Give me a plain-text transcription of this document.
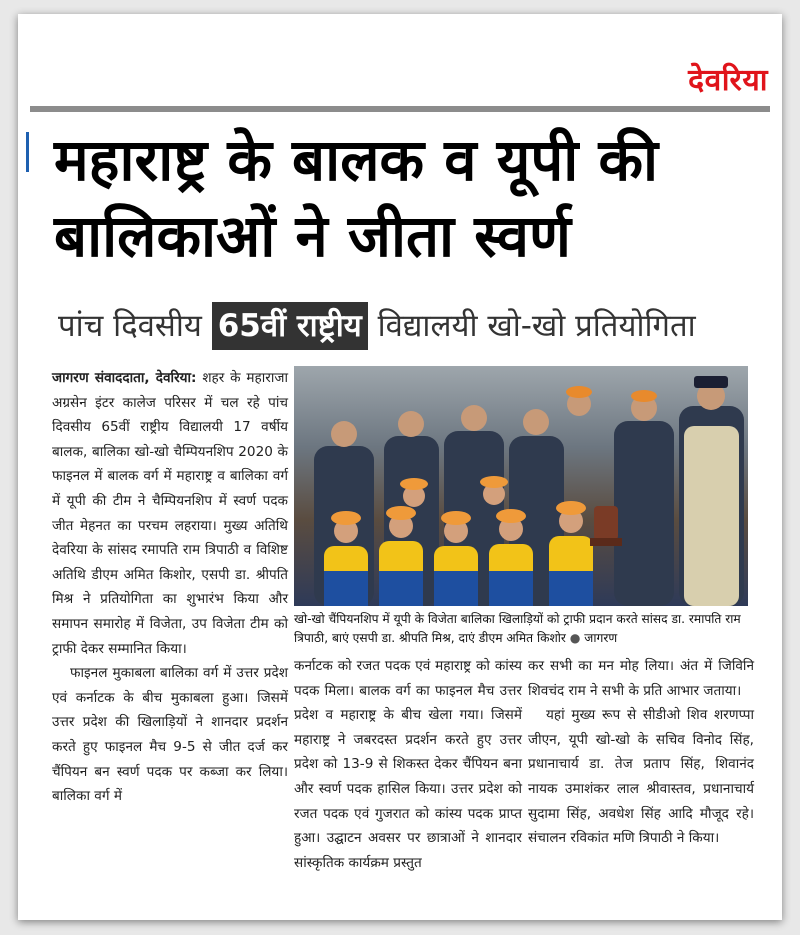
देवरिया
महाराष्ट्र के बालक व यूपी की बालिकाओं ने जीता स्वर्ण
पांच दिवसीय 65वीं राष्ट्रीय विद्यालयी खो-खो प्रतियोगिता

जागरण संवाददाता, देवरिया: शहर के महाराजा अग्रसेन इंटर कालेज परिसर में चल रहे पांच दिवसीय 65वीं राष्ट्रीय विद्यालयी 17 वर्षीय बालक, बालिका खो-खो चैम्पियनशिप 2020 के फाइनल में बालक वर्ग में महाराष्ट्र व बालिका वर्ग में यूपी की टीम ने चैम्पियनशिप में स्वर्ण पदक जीत मेहनत का परचम लहराया। मुख्य अतिथि देवरिया के सांसद रमापति राम त्रिपाठी व विशिष्ट अतिथि डीएम अमित किशोर, एसपी डा. श्रीपति मिश्र ने प्रतियोगिता का शुभारंभ किया और समापन समारोह में विजेता, उप विजेता टीम को ट्राफी देकर सम्मानित किया।

फाइनल मुकाबला बालिका वर्ग में उत्तर प्रदेश एवं कर्नाटक के बीच मुकाबला हुआ। जिसमें उत्तर प्रदेश की खिलाड़ियों ने शानदार प्रदर्शन करते हुए फाइनल मैच 9-5 से जीत दर्ज कर चैंपियन बन स्वर्ण पदक पर कब्जा कर लिया। बालिका वर्ग में

खो-खो चैंपियनशिप में यूपी के विजेता बालिका खिलाड़ियों को ट्राफी प्रदान करते सांसद डा. रमापति राम त्रिपाठी, बाएं एसपी डा. श्रीपति मिश्र, दाएं डीएम अमित किशोर ● जागरण

कर्नाटक को रजत पदक एवं महाराष्ट्र को कांस्य पदक मिला। बालक वर्ग का फाइनल मैच उत्तर प्रदेश व महाराष्ट्र के बीच खेला गया। जिसमें महाराष्ट्र ने जबरदस्त प्रदर्शन करते हुए उत्तर प्रदेश को 13-9 से शिकस्त देकर चैंपियन बना और स्वर्ण पदक हासिल किया। उत्तर प्रदेश को रजत पदक एवं गुजरात को कांस्य पदक प्राप्त हुआ। उद्घाटन अवसर पर छात्राओं ने शानदार सांस्कृतिक कार्यक्रम प्रस्तुत

कर सभी का मन मोह लिया। अंत में जिविनि शिवचंद राम ने सभी के प्रति आभार जताया।

यहां मुख्य रूप से सीडीओ शिव शरणप्पा जीएन, यूपी खो-खो के सचिव विनोद सिंह, प्रधानाचार्य डा. तेज प्रताप सिंह, शिवानंद नायक उमाशंकर लाल श्रीवास्तव, प्रधानाचार्य सुदामा सिंह, अवधेश सिंह आदि मौजूद रहे। संचालन रविकांत मणि त्रिपाठी ने किया।
